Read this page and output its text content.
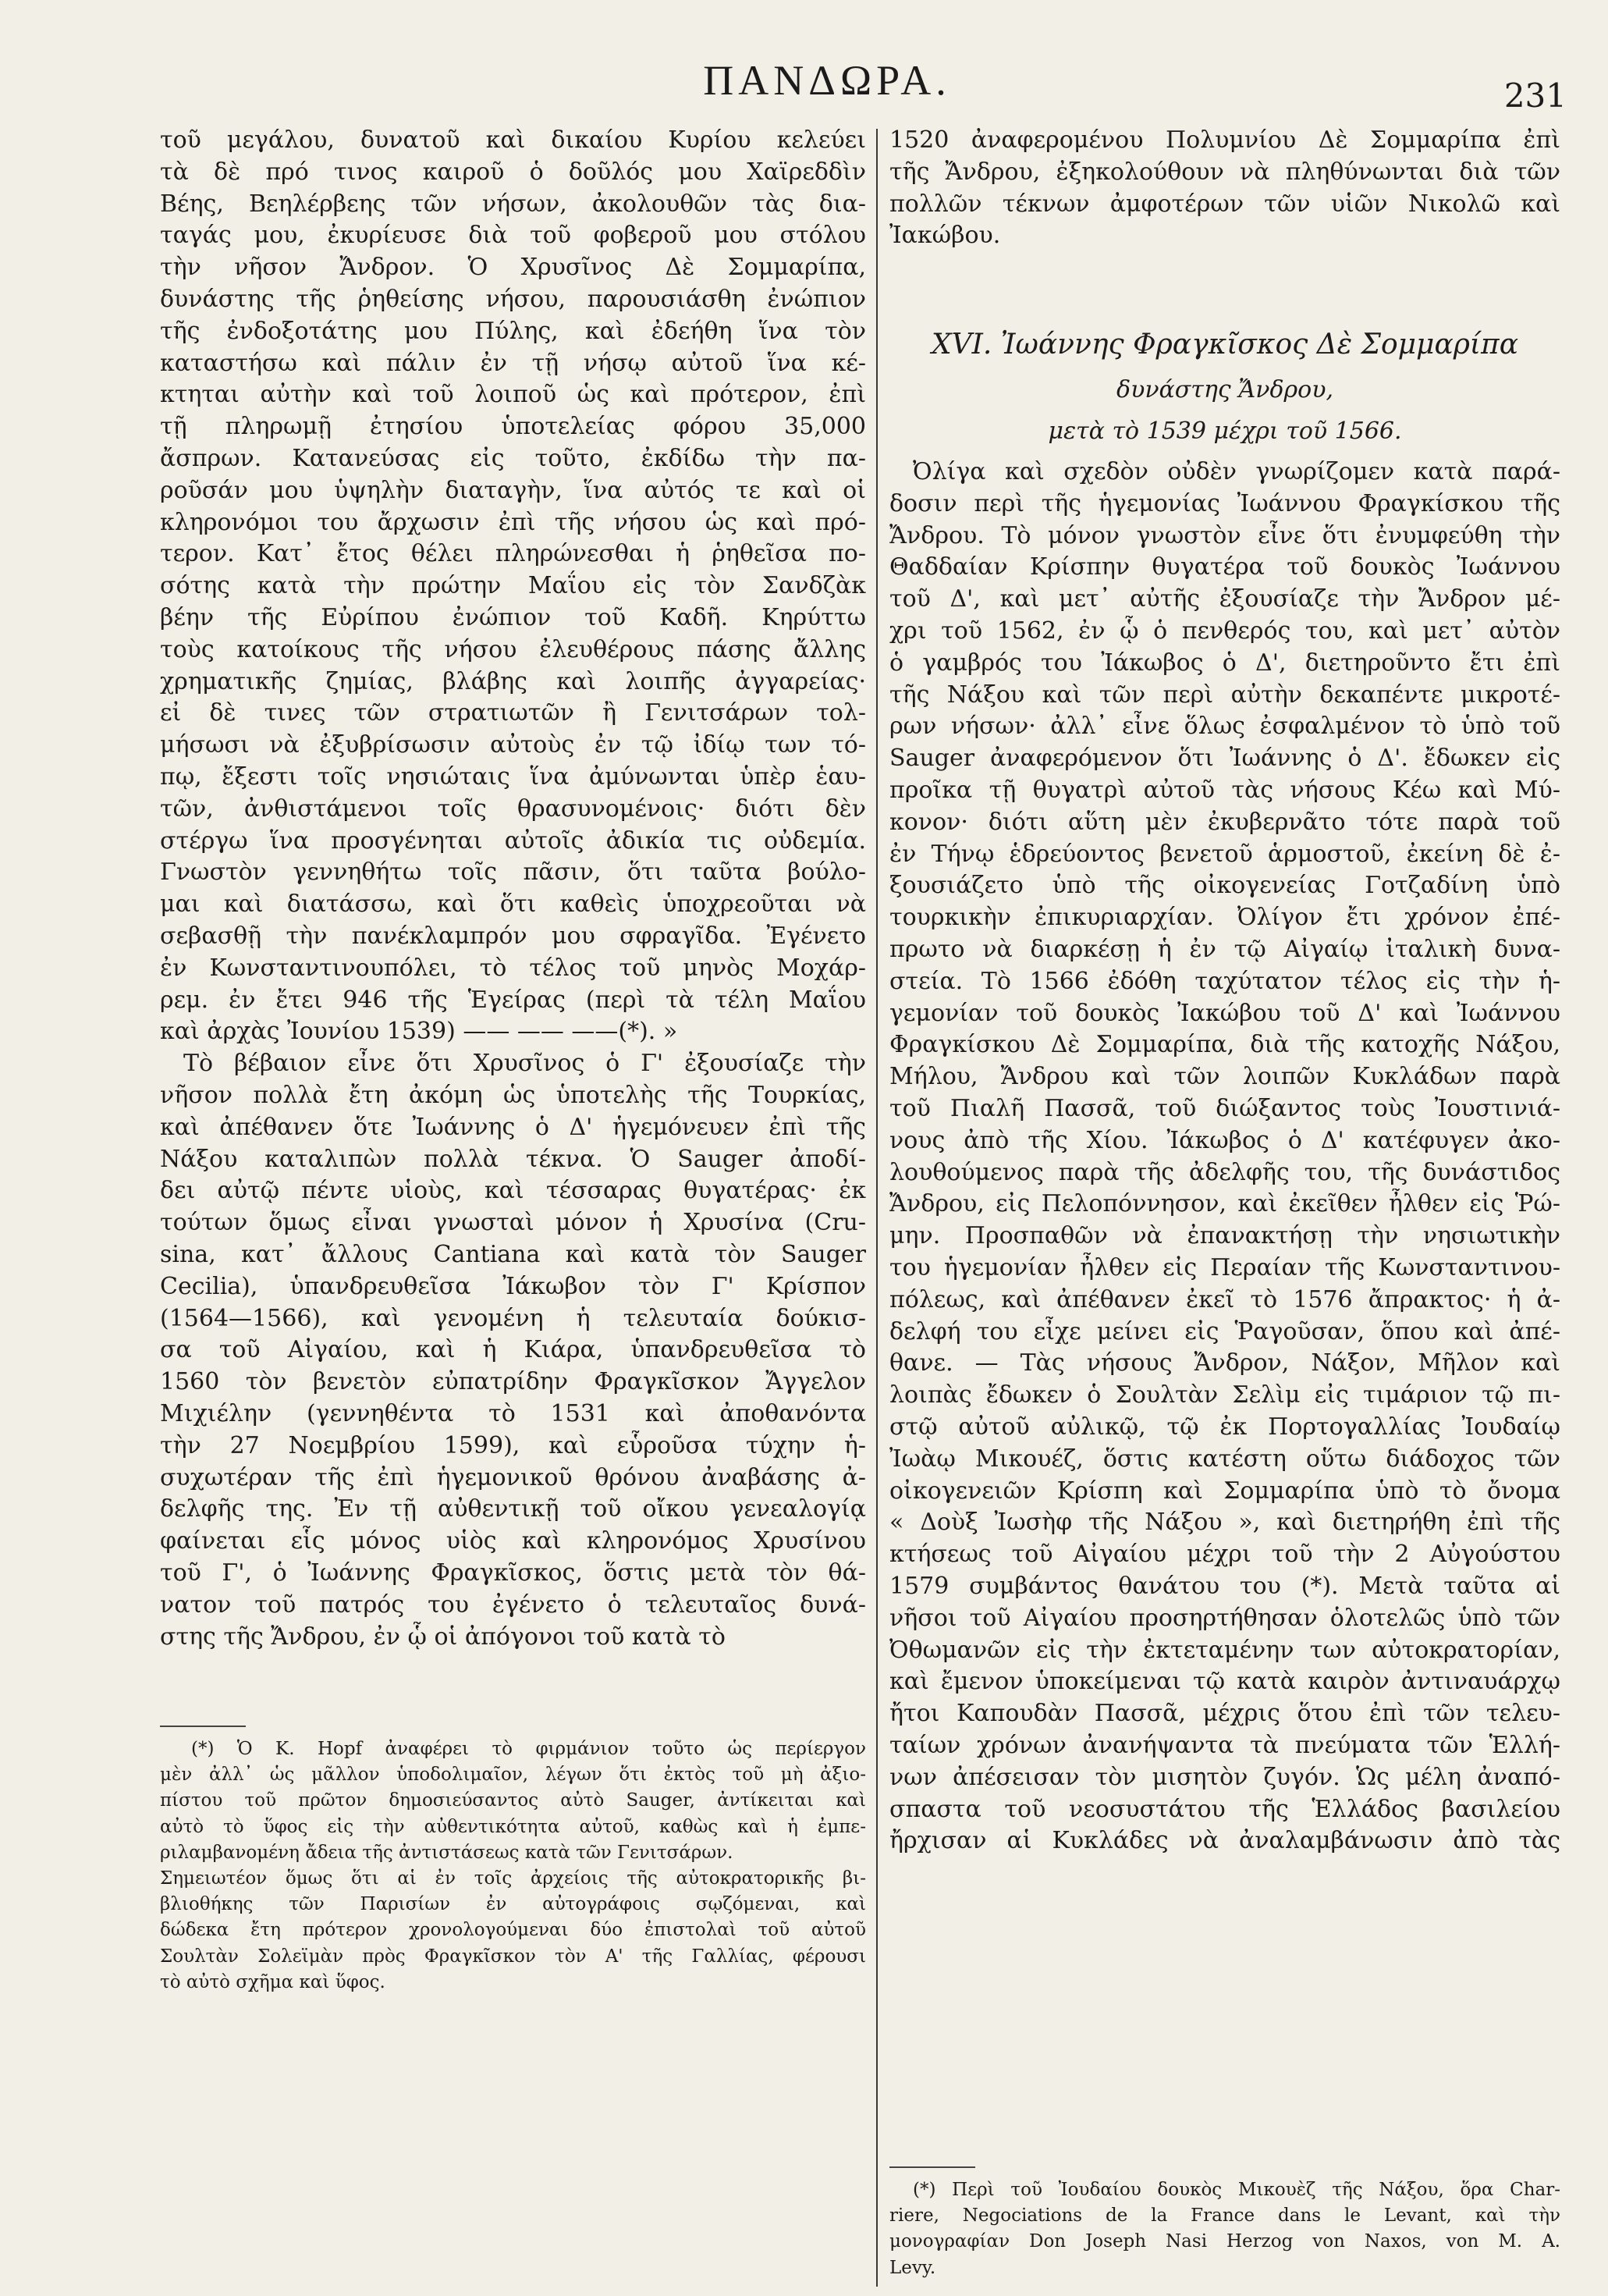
ΠΑΝΔΩΡΑ.	231
τοῦ μεγάλου, δυνατοῦ καὶ δικαίου Κυρίου κελεύει
τὰ δὲ πρό τινος καιροῦ ὁ δοῦλός μου Χαϊρεδδὶν
Βέης, Βεηλέρβεης τῶν νήσων, ἀκολουθῶν τὰς δια-
ταγάς μου, ἐκυρίευσε διὰ τοῦ φοβεροῦ μου στόλου
τὴν νῆσον Ἄνδρον. Ὁ Χρυσῖνος Δὲ Σομμαρίπα,
δυνάστης τῆς ῥηθείσης νήσου, παρουσιάσθη ἐνώπιον
τῆς ἐνδοξοτάτης μου Πύλης, καὶ ἐδεήθη ἵνα τὸν
καταστήσω καὶ πάλιν ἐν τῇ νήσῳ αὐτοῦ ἵνα κέ-
κτηται αὐτὴν καὶ τοῦ λοιποῦ ὡς καὶ πρότερον, ἐπὶ
τῇ πληρωμῇ ἐτησίου ὑποτελείας φόρου 35,000
ἄσπρων. Κατανεύσας εἰς τοῦτο, ἐκδίδω τὴν πα-
ροῦσάν μου ὑψηλὴν διαταγὴν, ἵνα αὐτός τε καὶ οἱ
κληρονόμοι του ἄρχωσιν ἐπὶ τῆς νήσου ὡς καὶ πρό-
τερον. Κατ᾽ ἔτος θέλει πληρώνεσθαι ἡ ῥηθεῖσα πο-
σότης κατὰ τὴν πρώτην Μαΐου εἰς τὸν Σανδζὰκ
βέην τῆς Εὐρίπου ἐνώπιον τοῦ Καδῆ. Κηρύττω
τοὺς κατοίκους τῆς νήσου ἐλευθέρους πάσης ἄλλης
χρηματικῆς ζημίας, βλάβης καὶ λοιπῆς ἀγγαρείας·
εἰ δὲ τινες τῶν στρατιωτῶν ἢ Γενιτσάρων τολ-
μήσωσι νὰ ἐξυβρίσωσιν αὐτοὺς ἐν τῷ ἰδίῳ των τό-
πῳ, ἔξεστι τοῖς νησιώταις ἵνα ἀμύνωνται ὑπὲρ ἑαυ-
τῶν, ἀνθιστάμενοι τοῖς θρασυνομένοις· διότι δὲν
στέργω ἵνα προσγένηται αὐτοῖς ἀδικία τις οὐδεμία.
Γνωστὸν γεννηθήτω τοῖς πᾶσιν, ὅτι ταῦτα βούλο-
μαι καὶ διατάσσω, καὶ ὅτι καθεὶς ὑποχρεοῦται νὰ
σεβασθῇ τὴν πανέκλαμπρόν μου σφραγῖδα. Ἐγένετο
ἐν Κωνσταντινουπόλει, τὸ τέλος τοῦ μηνὸς Μοχάρ-
ρεμ. ἐν ἔτει 946 τῆς Ἑγείρας (περὶ τὰ τέλη Μαΐου
καὶ ἀρχὰς Ἰουνίου 1539) —— —— ——(*). »
Τὸ βέβαιον εἶνε ὅτι Χρυσῖνος ὁ Γ' ἐξουσίαζε τὴν
νῆσον πολλὰ ἔτη ἀκόμη ὡς ὑποτελὴς τῆς Τουρκίας,
καὶ ἀπέθανεν ὅτε Ἰωάννης ὁ Δ' ἡγεμόνευεν ἐπὶ τῆς
Νάξου καταλιπὼν πολλὰ τέκνα. Ὁ Sauger ἀποδί-
δει αὐτῷ πέντε υἱοὺς, καὶ τέσσαρας θυγατέρας· ἐκ
τούτων ὅμως εἶναι γνωσταὶ μόνον ἡ Χρυσίνα (Cru-
sina, κατ᾽ ἄλλους Cantiana καὶ κατὰ τὸν Sauger
Cecilia), ὑπανδρευθεῖσα Ἰάκωβον τὸν Γ' Κρίσπον
(1564—1566), καὶ γενομένη ἡ τελευταία δούκισ-
σα τοῦ Αἰγαίου, καὶ ἡ Κιάρα, ὑπανδρευθεῖσα τὸ
1560 τὸν βενετὸν εὐπατρίδην Φραγκῖσκον Ἄγγελον
Μιχιέλην (γεννηθέντα τὸ 1531 καὶ ἀποθανόντα
τὴν 27 Νοεμβρίου 1599), καὶ εὗροῦσα τύχην ἡ-
συχωτέραν τῆς ἐπὶ ἡγεμονικοῦ θρόνου ἀναβάσης ἀ-
δελφῆς της. Ἐν τῇ αὐθεντικῇ τοῦ οἴκου γενεαλογίᾳ
φαίνεται εἷς μόνος υἱὸς καὶ κληρονόμος Χρυσίνου
τοῦ Γ', ὁ Ἰωάννης Φραγκῖσκος, ὅστις μετὰ τὸν θά-
νατον τοῦ πατρός του ἐγένετο ὁ τελευταῖος δυνά-
στης τῆς Ἄνδρου, ἐν ᾧ οἱ ἀπόγονοι τοῦ κατὰ τὸ
(*) Ὁ Κ. Hopf ἀναφέρει τὸ φιρμάνιον τοῦτο ὡς περίεργον
μὲν ἀλλ᾽ ὡς μᾶλλον ὑποδολιμαῖον, λέγων ὅτι ἐκτὸς τοῦ μὴ ἀξιο-
πίστου τοῦ πρῶτον δημοσιεύσαντος αὐτὸ Sauger, ἀντίκειται καὶ
αὐτὸ τὸ ὕφος εἰς τὴν αὐθεντικότητα αὐτοῦ, καθὼς καὶ ἡ ἐμπε-
ριλαμβανομένη ἄδεια τῆς ἀντιστάσεως κατὰ τῶν Γενιτσάρων.
Σημειωτέον ὅμως ὅτι αἱ ἐν τοῖς ἀρχείοις τῆς αὐτοκρατορικῆς βι-
βλιοθήκης τῶν Παρισίων ἐν αὐτογράφοις σῳζόμεναι, καὶ
δώδεκα ἔτη πρότερον χρονολογούμεναι δύο ἐπιστολαὶ τοῦ αὐτοῦ
Σουλτὰν Σολεϊμὰν πρὸς Φραγκῖσκον τὸν Α' τῆς Γαλλίας, φέρουσι
τὸ αὐτὸ σχῆμα καὶ ὕφος.
1520 ἀναφερομένου Πολυμνίου Δὲ Σομμαρίπα ἐπὶ
τῆς Ἄνδρου, ἐξηκολούθουν νὰ πληθύνωνται διὰ τῶν
πολλῶν τέκνων ἀμφοτέρων τῶν υἱῶν Νικολῶ καὶ
Ἰακώβου.
XVI. Ἰωάννης Φραγκῖσκος Δὲ Σομμαρίπα
δυνάστης Ἄνδρου,
μετὰ τὸ 1539 μέχρι τοῦ 1566.
Ὀλίγα καὶ σχεδὸν οὐδὲν γνωρίζομεν κατὰ παρά-
δοσιν περὶ τῆς ἡγεμονίας Ἰωάννου Φραγκίσκου τῆς
Ἄνδρου. Τὸ μόνον γνωστὸν εἶνε ὅτι ἐνυμφεύθη τὴν
Θαδδαίαν Κρίσπην θυγατέρα τοῦ δουκὸς Ἰωάννου
τοῦ Δ', καὶ μετ᾽ αὐτῆς ἐξουσίαζε τὴν Ἄνδρον μέ-
χρι τοῦ 1562, ἐν ᾧ ὁ πενθερός του, καὶ μετ᾽ αὐτὸν
ὁ γαμβρός του Ἰάκωβος ὁ Δ', διετηροῦντο ἔτι ἐπὶ
τῆς Νάξου καὶ τῶν περὶ αὐτὴν δεκαπέντε μικροτέ-
ρων νήσων· ἀλλ᾽ εἶνε ὅλως ἐσφαλμένον τὸ ὑπὸ τοῦ
Sauger ἀναφερόμενον ὅτι Ἰωάννης ὁ Δ'. ἔδωκεν εἰς
προῖκα τῇ θυγατρὶ αὐτοῦ τὰς νήσους Κέω καὶ Μύ-
κονον· διότι αὕτη μὲν ἐκυβερνᾶτο τότε παρὰ τοῦ
ἐν Τήνῳ ἑδρεύοντος βενετοῦ ἁρμοστοῦ, ἐκείνη δὲ ἐ-
ξουσιάζετο ὑπὸ τῆς οἰκογενείας Γοτζαδίνη ὑπὸ
τουρκικὴν ἐπικυριαρχίαν. Ὀλίγον ἔτι χρόνον ἐπέ-
πρωτο νὰ διαρκέσῃ ἡ ἐν τῷ Αἰγαίῳ ἰταλικὴ δυνα-
στεία. Τὸ 1566 ἐδόθη ταχύτατον τέλος εἰς τὴν ἡ-
γεμονίαν τοῦ δουκὸς Ἰακώβου τοῦ Δ' καὶ Ἰωάννου
Φραγκίσκου Δὲ Σομμαρίπα, διὰ τῆς κατοχῆς Νάξου,
Μήλου, Ἄνδρου καὶ τῶν λοιπῶν Κυκλάδων παρὰ
τοῦ Πιαλῆ Πασσᾶ, τοῦ διώξαντος τοὺς Ἰουστινιά-
νους ἀπὸ τῆς Χίου. Ἰάκωβος ὁ Δ' κατέφυγεν ἀκο-
λουθούμενος παρὰ τῆς ἀδελφῆς του, τῆς δυνάστιδος
Ἄνδρου, εἰς Πελοπόννησον, καὶ ἐκεῖθεν ἦλθεν εἰς Ῥώ-
μην. Προσπαθῶν νὰ ἐπανακτήσῃ τὴν νησιωτικὴν
του ἡγεμονίαν ἦλθεν εἰς Περαίαν τῆς Κωνσταντινου-
πόλεως, καὶ ἀπέθανεν ἐκεῖ τὸ 1576 ἄπρακτος· ἡ ἀ-
δελφή του εἶχε μείνει εἰς Ῥαγοῦσαν, ὅπου καὶ ἀπέ-
θανε. — Τὰς νήσους Ἄνδρον, Νάξον, Μῆλον καὶ
λοιπὰς ἔδωκεν ὁ Σουλτὰν Σελὶμ εἰς τιμάριον τῷ πι-
στῷ αὐτοῦ αὐλικῷ, τῷ ἐκ Πορτογαλλίας Ἰουδαίῳ
Ἰωὰῳ Μικουέζ, ὅστις κατέστη οὕτω διάδοχος τῶν
οἰκογενειῶν Κρίσπη καὶ Σομμαρίπα ὑπὸ τὸ ὄνομα
« Δοὺξ Ἰωσὴφ τῆς Νάξου », καὶ διετηρήθη ἐπὶ τῆς
κτήσεως τοῦ Αἰγαίου μέχρι τοῦ τὴν 2 Αὐγούστου
1579 συμβάντος θανάτου του (*). Μετὰ ταῦτα αἱ
νῆσοι τοῦ Αἰγαίου προσηρτήθησαν ὁλοτελῶς ὑπὸ τῶν
Ὀθωμανῶν εἰς τὴν ἐκτεταμένην των αὐτοκρατορίαν,
καὶ ἔμενον ὑποκείμεναι τῷ κατὰ καιρὸν ἀντιναυάρχῳ
ἤτοι Καπουδὰν Πασσᾶ, μέχρις ὅτου ἐπὶ τῶν τελευ-
ταίων χρόνων ἀνανήψαντα τὰ πνεύματα τῶν Ἑλλή-
νων ἀπέσεισαν τὸν μισητὸν ζυγόν. Ὡς μέλη ἀναπό-
σπαστα τοῦ νεοσυστάτου τῆς Ἑλλάδος βασιλείου
ἤρχισαν αἱ Κυκλάδες νὰ ἀναλαμβάνωσιν ἀπὸ τὰς
(*) Περὶ τοῦ Ἰουδαίου δουκὸς Μικουὲζ τῆς Νάξου, ὅρα Char-
riere, Negociations de la France dans le Levant, καὶ τὴν
μονογραφίαν Don Joseph Nasi Herzog von Naxos, von M. A.
Levy.
